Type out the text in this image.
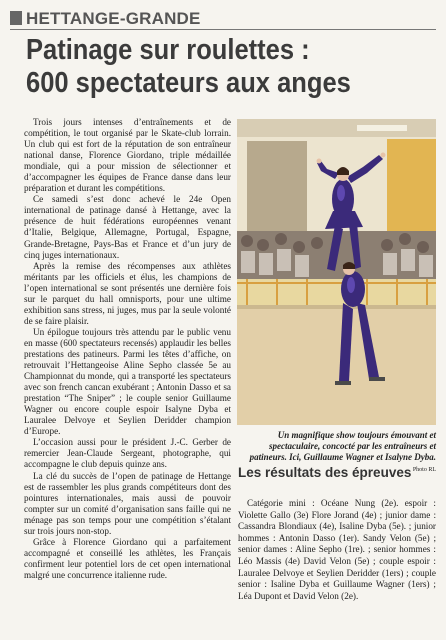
HETTANGE-GRANDE
Patinage sur roulettes :
600 spectateurs aux anges

Trois jours intenses d’entraînements et de compétition, le tout organisé par le Skate-club lorrain. Un club qui est fort de la réputation de son entraîneur national danse, Florence Giordano, triple médaillée mondiale, qui a pour mission de sélectionner et d’accompagner les équipes de France danse dans leur préparation et durant les compétitions.

Ce samedi s’est donc achevé le 24e Open international de patinage dansé à Hettange, avec la présence de huit fédérations européennes venant d’Italie, Belgique, Allemagne, Portugal, Espagne, Grande-Bretagne, Pays-Bas et France et d’un jury de cinq juges internationaux.

Après la remise des récompenses aux athlètes méritants par les officiels et élus, les champions de l’open international se sont présentés une dernière fois sur le parquet du hall omnisports, pour une ultime exhibition sans stress, ni juges, mus par la seule volonté de se faire plaisir.

Un épilogue toujours très attendu par le public venu en masse (600 spectateurs recensés) applaudir les belles prestations des patineurs. Parmi les têtes d’affiche, on retrouvait l’Hettangeoise Aline Sepho classée 5e au Championnat du monde, qui a transporté les spectateurs avec son french cancan exubérant ; Antonin Dasso et sa prestation “The Sniper” ; le couple senior Guillaume Wagner ou encore couple espoir Isalyne Dyba et Lauralee Delvoye et Seylien Deridder champion d’Europe.

L’occasion aussi pour le président J.-C. Gerber de remercier Jean-Claude Sergeant, photographe, qui accompagne le club depuis quinze ans.

La clé du succès de l’open de patinage de Hettange est de rassembler les plus grands compétiteurs dont des pointures internationales, mais aussi de pouvoir compter sur un comité d’organisation sans faille qui ne ménage pas son temps pour une compétition s’étalant sur trois jours non-stop.

Grâce à Florence Giordano qui a parfaitement accompagné et conseillé les athlètes, les Français confirment leur potentiel lors de cet open international malgré une concurrence italienne rude.

Un magnifique show toujours émouvant et spectaculaire, concocté par les entraîneurs et patineurs. Ici, Guillaume Wagner et Isalyne Dyba. Photo RL
Les résultats des épreuves

Catégorie mini : Océane Nung (2e). espoir : Violette Gallo (3e) Flore Jorand (4e) ; junior dame : Cassandra Blondiaux (4e), Isaline Dyba (5e). ; junior hommes : Antonin Dasso (1er). Sandy Velon (5e) ; senior dames : Aline Sepho (1re). ; senior hommes : Léo Massis (4e) David Velon (5e) ; couple espoir : Lauralee Delvoye et Seylien Deridder (1ers) ; couple senior : Isaline Dyba et Guillaume Wagner (1ers) ; Léa Dupont et David Velon (2e).
